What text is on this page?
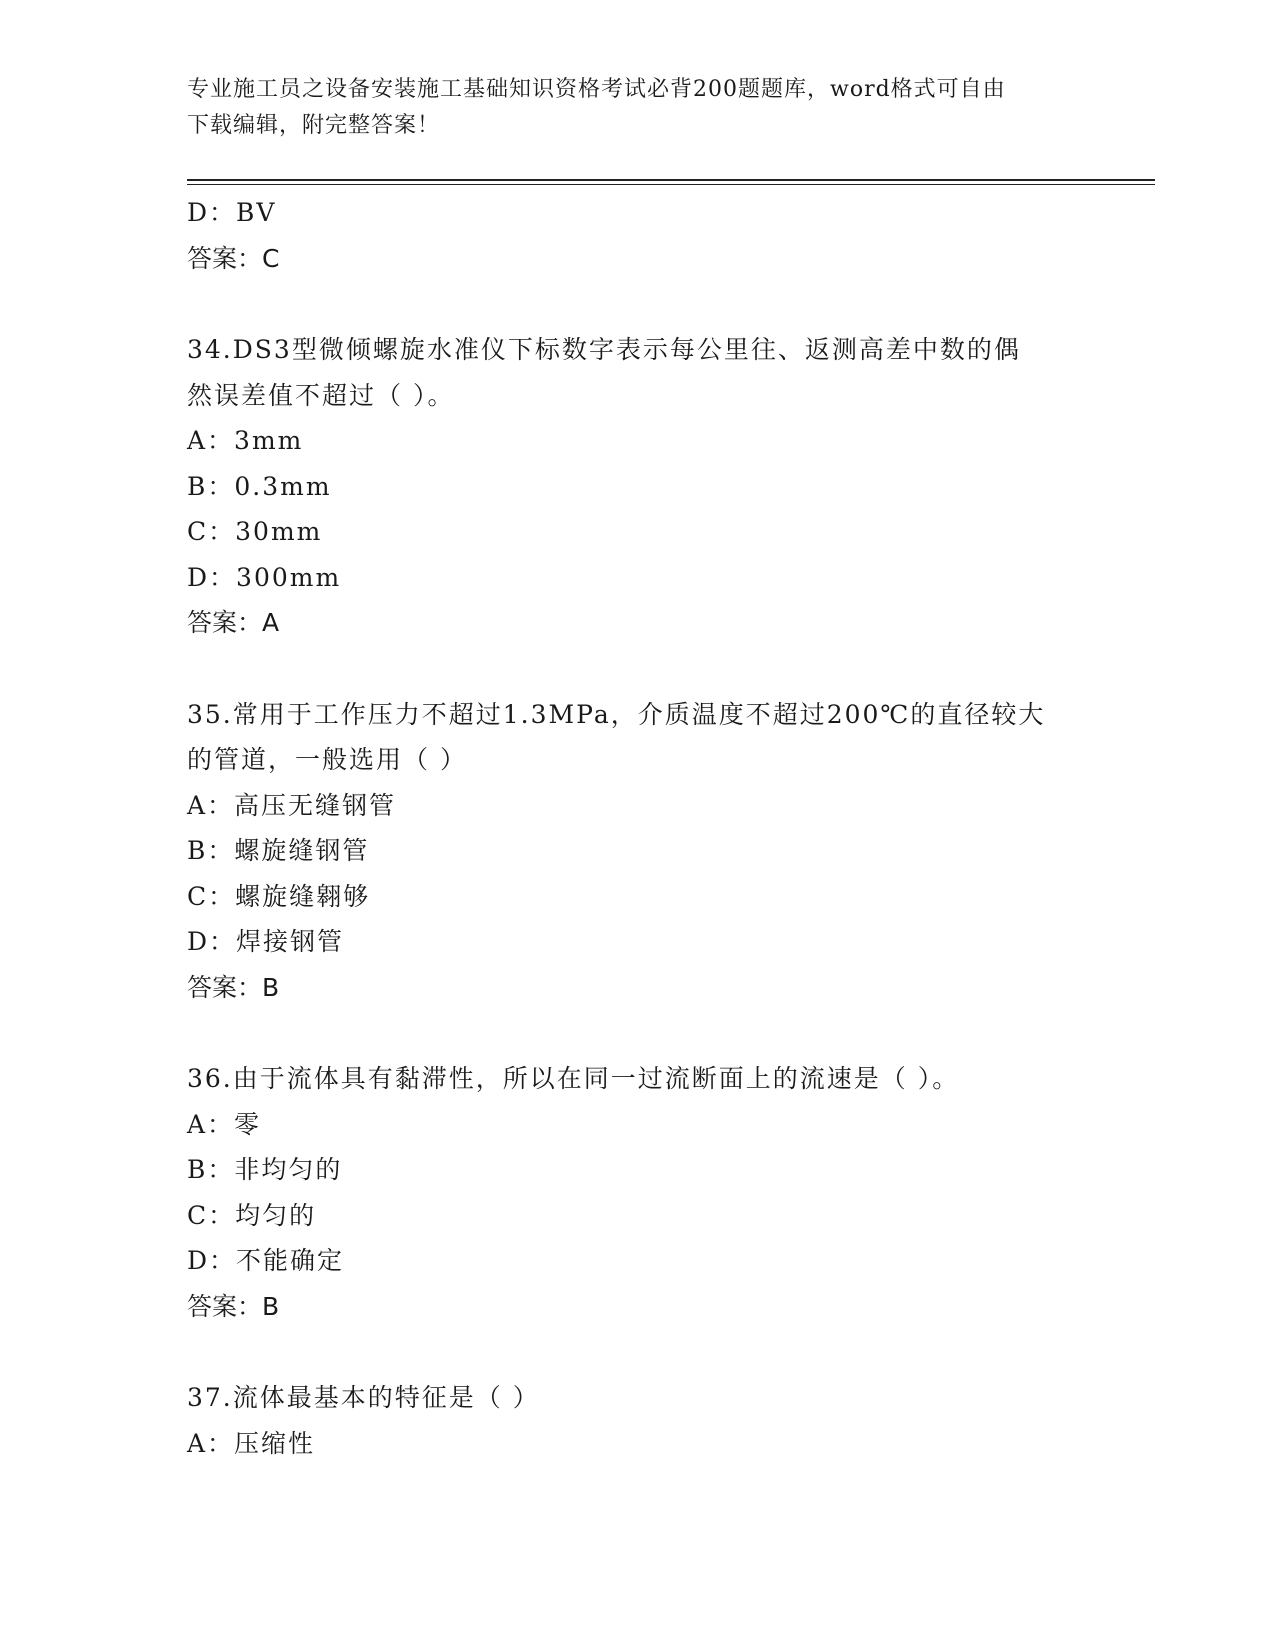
专业施工员之设备安装施工基础知识资格考试必背200题题库，word格式可自由
下载编辑，附完整答案！
D：BV
答案：C
34.DS3型微倾螺旋水准仪下标数字表示每公里往、返测高差中数的偶
然误差值不超过（ ）。
A：3mm
B：0.3mm
C：30mm
D：300mm
答案：A
35.常用于工作压力不超过1.3MPa，介质温度不超过200℃的直径较大
的管道，一般选用（ ）
A：高压无缝钢管
B：螺旋缝钢管
C：螺旋缝翱够
D：焊接钢管
答案：B
36.由于流体具有黏滞性，所以在同一过流断面上的流速是（ ）。
A：零
B：非均匀的
C：均匀的
D：不能确定
答案：B
37.流体最基本的特征是（ ）
A：压缩性
